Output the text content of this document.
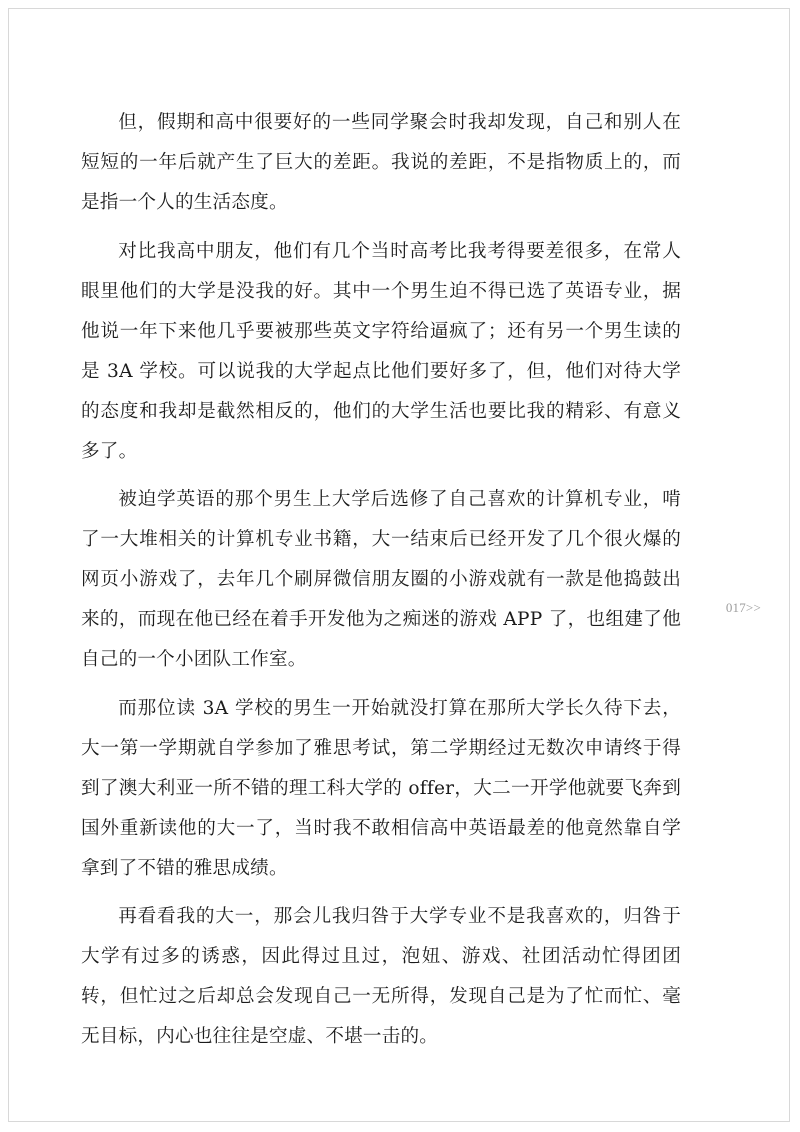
但，假期和高中很要好的一些同学聚会时我却发现，自己和别人在短短的一年后就产生了巨大的差距。我说的差距，不是指物质上的，而是指一个人的生活态度。

对比我高中朋友，他们有几个当时高考比我考得要差很多，在常人眼里他们的大学是没我的好。其中一个男生迫不得已选了英语专业，据他说一年下来他几乎要被那些英文字符给逼疯了；还有另一个男生读的是 3A 学校。可以说我的大学起点比他们要好多了，但，他们对待大学的态度和我却是截然相反的，他们的大学生活也要比我的精彩、有意义多了。

被迫学英语的那个男生上大学后选修了自己喜欢的计算机专业，啃了一大堆相关的计算机专业书籍，大一结束后已经开发了几个很火爆的网页小游戏了，去年几个刷屏微信朋友圈的小游戏就有一款是他捣鼓出来的，而现在他已经在着手开发他为之痴迷的游戏 APP 了，也组建了他自己的一个小团队工作室。

而那位读 3A 学校的男生一开始就没打算在那所大学长久待下去，大一第一学期就自学参加了雅思考试，第二学期经过无数次申请终于得到了澳大利亚一所不错的理工科大学的 offer，大二一开学他就要飞奔到国外重新读他的大一了，当时我不敢相信高中英语最差的他竟然靠自学拿到了不错的雅思成绩。

再看看我的大一，那会儿我归咎于大学专业不是我喜欢的，归咎于大学有过多的诱惑，因此得过且过，泡妞、游戏、社团活动忙得团团转，但忙过之后却总会发现自己一无所得，发现自己是为了忙而忙、毫无目标，内心也往往是空虚、不堪一击的。

017>>
